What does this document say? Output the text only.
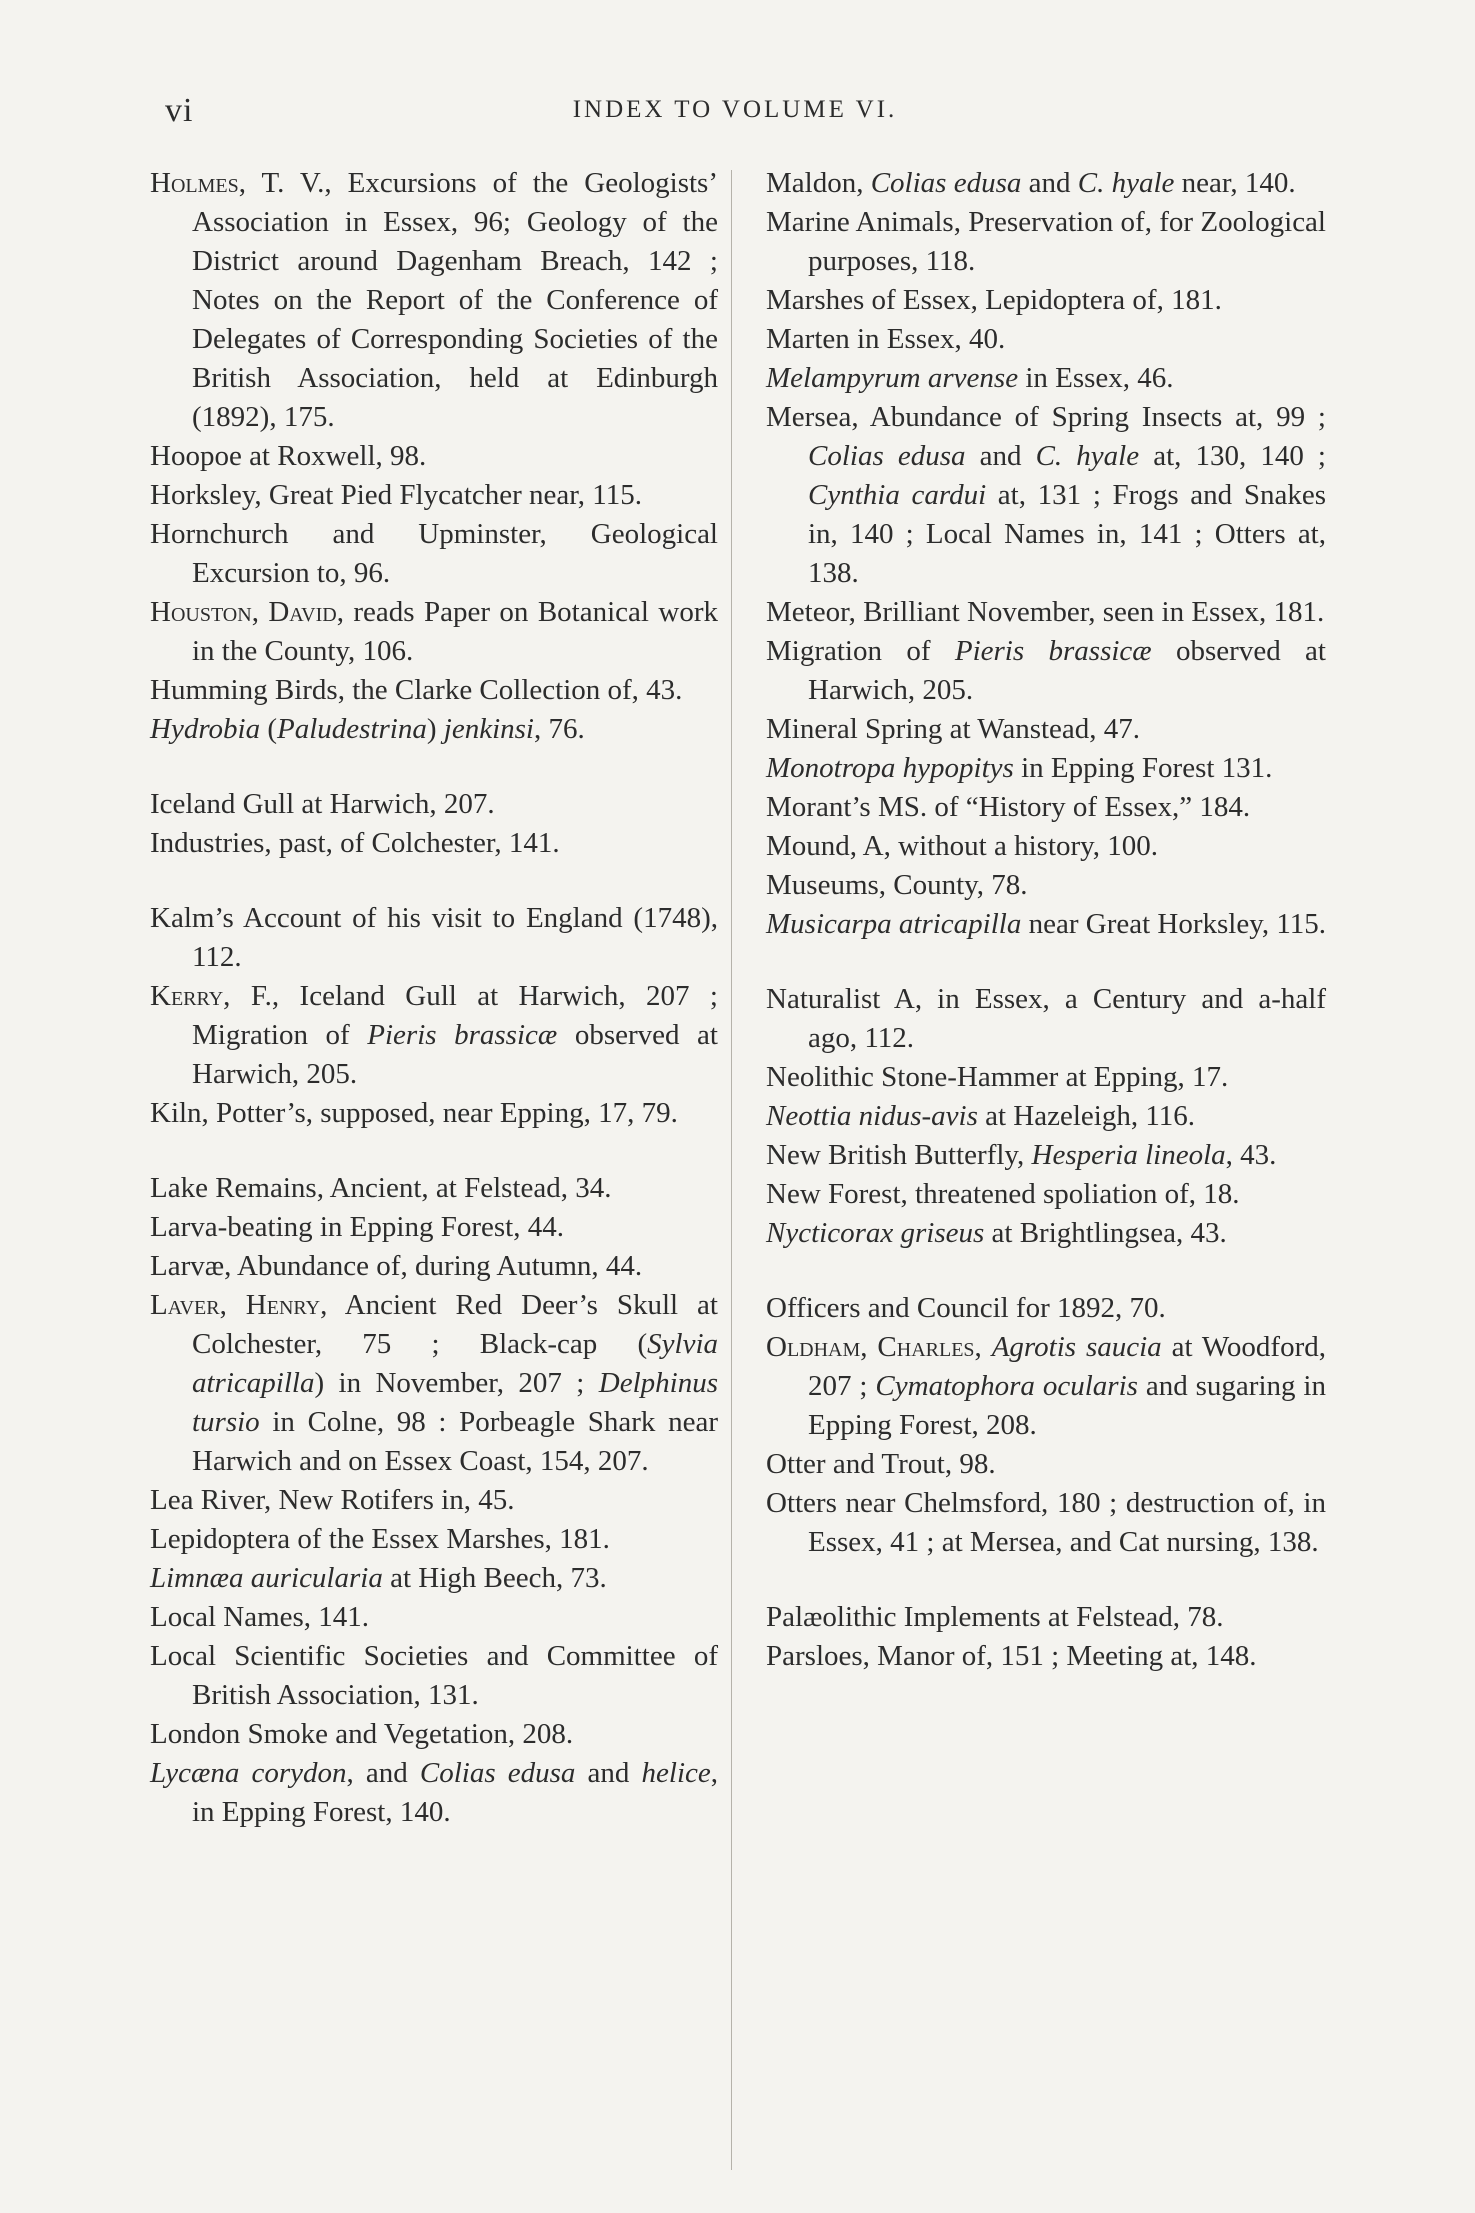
vi	INDEX TO VOLUME VI.

Holmes, T. V., Excursions of the Geologists’ Association in Essex, 96; Geology of the District around Dagenham Breach, 142 ; Notes on the Report of the Conference of Delegates of Corresponding Societies of the British Association, held at Edinburgh (1892), 175.

Hoopoe at Roxwell, 98.

Horksley, Great Pied Flycatcher near, 115.

Hornchurch and Upminster, Geological Excursion to, 96.

Houston, David, reads Paper on Botanical work in the County, 106.

Humming Birds, the Clarke Collection of, 43.

Hydrobia (Paludestrina) jenkinsi, 76.

Iceland Gull at Harwich, 207.

Industries, past, of Colchester, 141.

Kalm’s Account of his visit to England (1748), 112.

Kerry, F., Iceland Gull at Harwich, 207 ; Migration of Pieris brassicæ observed at Harwich, 205.

Kiln, Potter’s, supposed, near Epping, 17, 79.

Lake Remains, Ancient, at Felstead, 34.

Larva-beating in Epping Forest, 44.

Larvæ, Abundance of, during Autumn, 44.

Laver, Henry, Ancient Red Deer’s Skull at Colchester, 75 ; Black-cap (Sylvia atricapilla) in November, 207 ; Delphinus tursio in Colne, 98 : Porbeagle Shark near Harwich and on Essex Coast, 154, 207.

Lea River, New Rotifers in, 45.

Lepidoptera of the Essex Marshes, 181.

Limnæa auricularia at High Beech, 73.

Local Names, 141.

Local Scientific Societies and Committee of British Association, 131.

London Smoke and Vegetation, 208.

Lycæna corydon, and Colias edusa and helice, in Epping Forest, 140.

Maldon, Colias edusa and C. hyale near, 140.

Marine Animals, Preservation of, for Zoological purposes, 118.

Marshes of Essex, Lepidoptera of, 181.

Marten in Essex, 40.

Melampyrum arvense in Essex, 46.

Mersea, Abundance of Spring Insects at, 99 ; Colias edusa and C. hyale at, 130, 140 ; Cynthia cardui at, 131 ; Frogs and Snakes in, 140 ; Local Names in, 141 ; Otters at, 138.

Meteor, Brilliant November, seen in Essex, 181.

Migration of Pieris brassicæ observed at Harwich, 205.

Mineral Spring at Wanstead, 47.

Monotropa hypopitys in Epping Forest 131.

Morant’s MS. of “History of Essex,” 184.

Mound, A, without a history, 100.

Museums, County, 78.

Musicarpa atricapilla near Great Horksley, 115.

Naturalist A, in Essex, a Century and a-half ago, 112.

Neolithic Stone-Hammer at Epping, 17.

Neottia nidus-avis at Hazeleigh, 116.

New British Butterfly, Hesperia lineola, 43.

New Forest, threatened spoliation of, 18.

Nycticorax griseus at Brightlingsea, 43.

Officers and Council for 1892, 70.

Oldham, Charles, Agrotis saucia at Woodford, 207 ; Cymatophora ocularis and sugaring in Epping Forest, 208.

Otter and Trout, 98.

Otters near Chelmsford, 180 ; destruction of, in Essex, 41 ; at Mersea, and Cat nursing, 138.

Palæolithic Implements at Felstead, 78.

Parsloes, Manor of, 151 ; Meeting at, 148.
